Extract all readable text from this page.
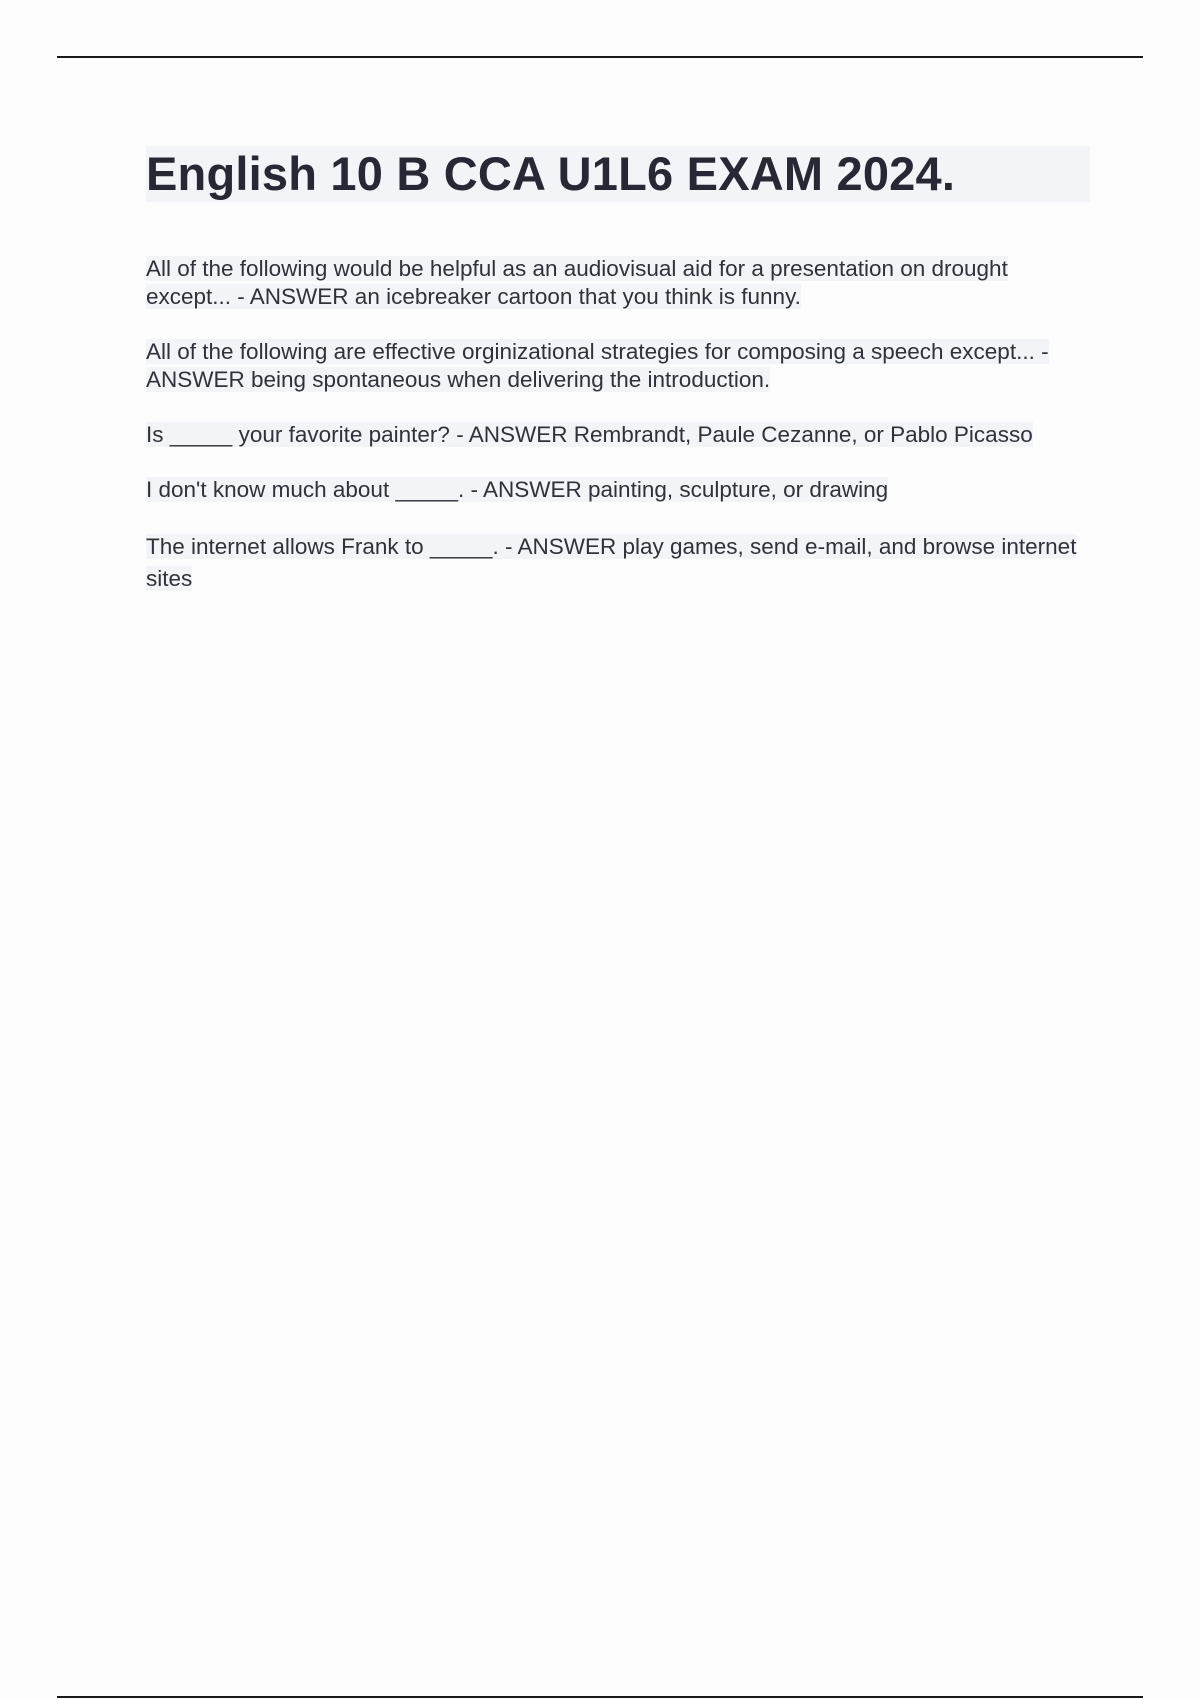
English 10 B CCA U1L6 EXAM 2024.

All of the following would be helpful as an audiovisual aid for a presentation on drought except... - ANSWER an icebreaker cartoon that you think is funny.

All of the following are effective orginizational strategies for composing a speech except... - ANSWER being spontaneous when delivering the introduction.

Is _____ your favorite painter? - ANSWER Rembrandt, Paule Cezanne, or Pablo Picasso

I don't know much about _____. - ANSWER painting, sculpture, or drawing

The internet allows Frank to _____. - ANSWER play games, send e-mail, and browse internet sites
